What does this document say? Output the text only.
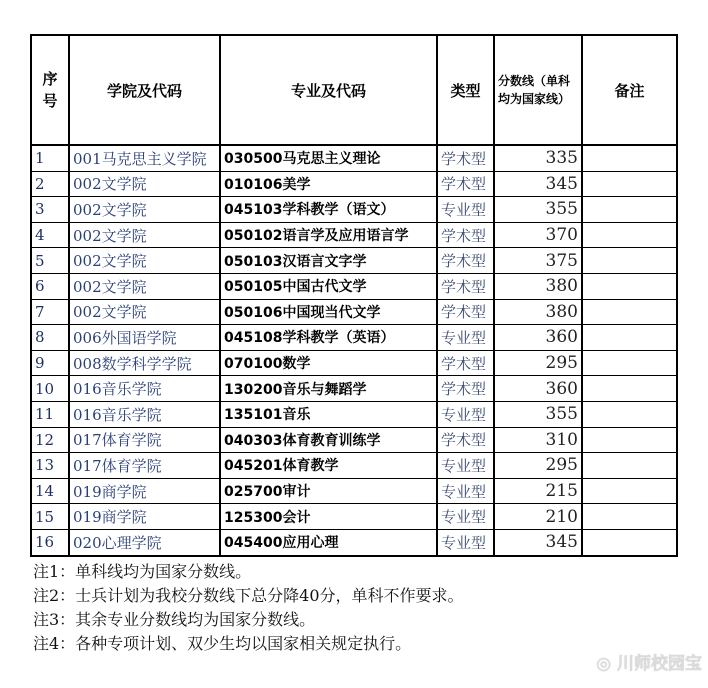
序号	学院及代码	专业及代码	类型	分数线（单科均为国家线）	备注
1	001马克思主义学院	030500马克思主义理论	学术型	335	
2	002文学院	010106美学	学术型	345	
3	002文学院	045103学科教学（语文）	专业型	355	
4	002文学院	050102语言学及应用语言学	学术型	370	
5	002文学院	050103汉语言文字学	学术型	375	
6	002文学院	050105中国古代文学	学术型	380	
7	002文学院	050106中国现当代文学	学术型	380	
8	006外国语学院	045108学科教学（英语）	专业型	360	
9	008数学科学学院	070100数学	学术型	295	
10	016音乐学院	130200音乐与舞蹈学	学术型	360	
11	016音乐学院	135101音乐	专业型	355	
12	017体育学院	040303体育教育训练学	学术型	310	
13	017体育学院	045201体育教学	专业型	295	
14	019商学院	025700审计	专业型	215	
15	019商学院	125300会计	专业型	210	
16	020心理学院	045400应用心理	专业型	345	
注1：单科线均为国家分数线。
注2：士兵计划为我校分数线下总分降40分，单科不作要求。
注3：其余专业分数线均为国家分数线。
注4：各种专项计划、双少生均以国家相关规定执行。
◎ 川师校园宝
